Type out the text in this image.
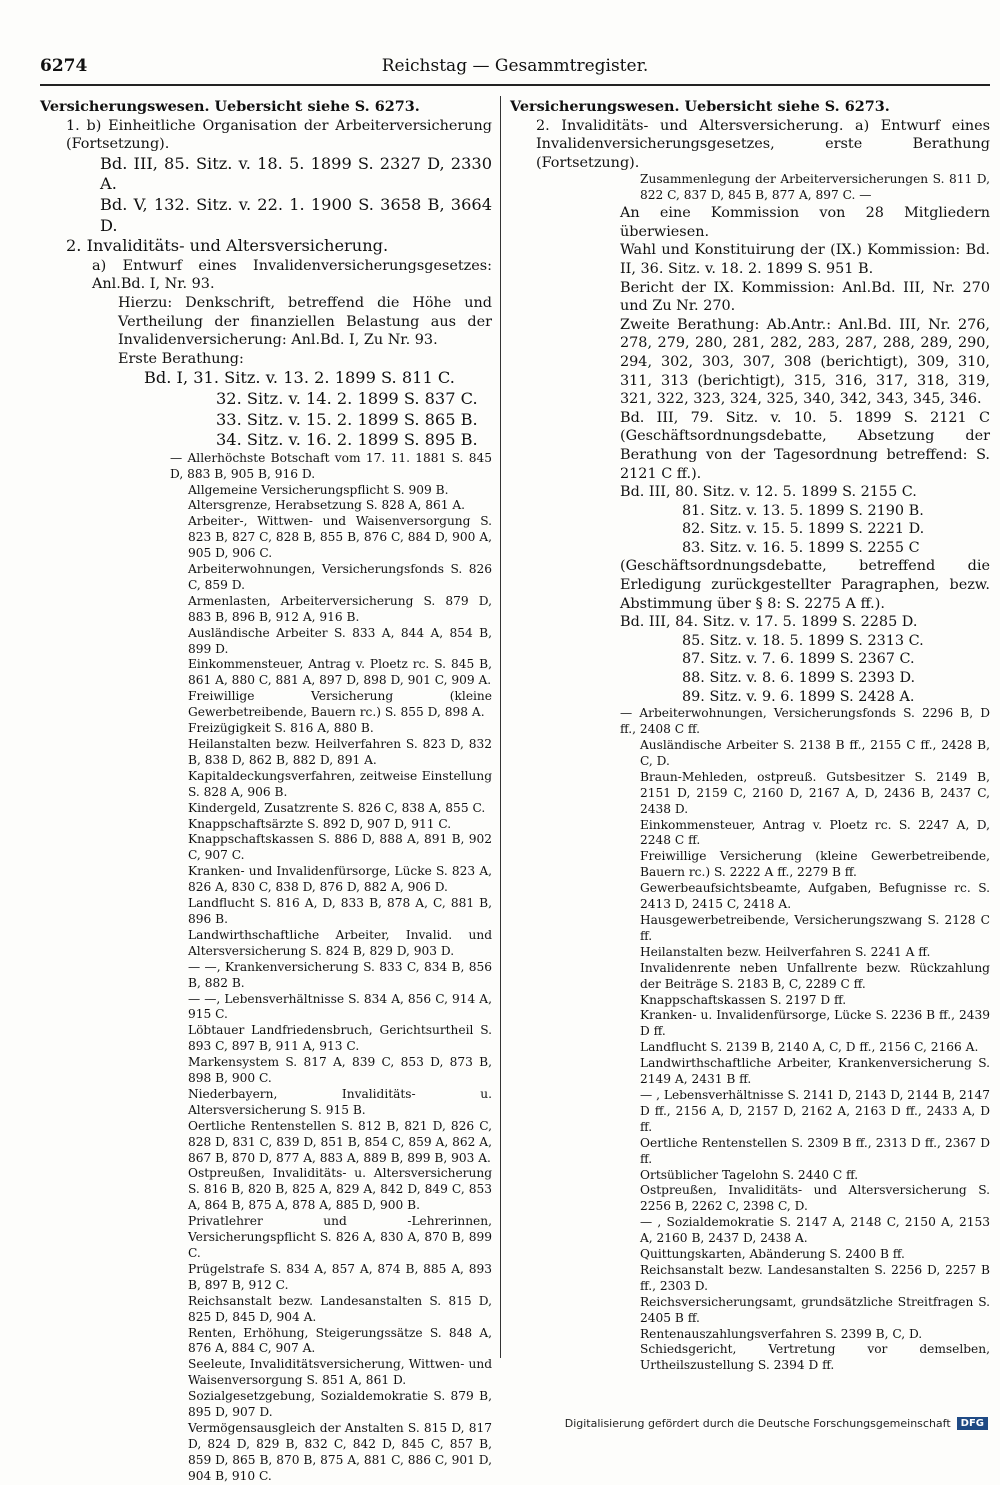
6274	Reichstag — Gesammtregister.

Versicherungswesen. Uebersicht siehe S. 6273.

1. b) Einheitliche Organisation der Arbeiterversicherung (Fortsetzung).

Bd. III, 85. Sitz. v. 18. 5. 1899 S. 2327 D, 2330 A.

Bd. V, 132. Sitz. v. 22. 1. 1900 S. 3658 B, 3664 D.

2. Invaliditäts- und Altersversicherung.

a) Entwurf eines Invalidenversicherungsgesetzes: Anl.Bd. I, Nr. 93.

Hierzu: Denkschrift, betreffend die Höhe und Vertheilung der finanziellen Belastung aus der Invalidenversicherung: Anl.Bd. I, Zu Nr. 93.

Erste Berathung:

Bd. I, 31. Sitz. v. 13. 2. 1899 S. 811 C.

32. Sitz. v. 14. 2. 1899 S. 837 C.

33. Sitz. v. 15. 2. 1899 S. 865 B.

34. Sitz. v. 16. 2. 1899 S. 895 B.

— Allerhöchste Botschaft vom 17. 11. 1881 S. 845 D, 883 B, 905 B, 916 D.

Allgemeine Versicherungspflicht S. 909 B.

Altersgrenze, Herabsetzung S. 828 A, 861 A.

Arbeiter-, Wittwen- und Waisenversorgung S. 823 B, 827 C, 828 B, 855 B, 876 C, 884 D, 900 A, 905 D, 906 C.

Arbeiterwohnungen, Versicherungsfonds S. 826 C, 859 D.

Armenlasten, Arbeiterversicherung S. 879 D, 883 B, 896 B, 912 A, 916 B.

Ausländische Arbeiter S. 833 A, 844 A, 854 B, 899 D.

Einkommensteuer, Antrag v. Ploetz rc. S. 845 B, 861 A, 880 C, 881 A, 897 D, 898 D, 901 C, 909 A.

Freiwillige Versicherung (kleine Gewerbetreibende, Bauern rc.) S. 855 D, 898 A.

Freizügigkeit S. 816 A, 880 B.

Heilanstalten bezw. Heilverfahren S. 823 D, 832 B, 838 D, 862 B, 882 D, 891 A.

Kapitaldeckungsverfahren, zeitweise Einstellung S. 828 A, 906 B.

Kindergeld, Zusatzrente S. 826 C, 838 A, 855 C.

Knappschaftsärzte S. 892 D, 907 D, 911 C.

Knappschaftskassen S. 886 D, 888 A, 891 B, 902 C, 907 C.

Kranken- und Invalidenfürsorge, Lücke S. 823 A, 826 A, 830 C, 838 D, 876 D, 882 A, 906 D.

Landflucht S. 816 A, D, 833 B, 878 A, C, 881 B, 896 B.

Landwirthschaftliche Arbeiter, Invalid. und Altersversicherung S. 824 B, 829 D, 903 D.

— —, Krankenversicherung S. 833 C, 834 B, 856 B, 882 B.

— —, Lebensverhältnisse S. 834 A, 856 C, 914 A, 915 C.

Löbtauer Landfriedensbruch, Gerichtsurtheil S. 893 C, 897 B, 911 A, 913 C.

Markensystem S. 817 A, 839 C, 853 D, 873 B, 898 B, 900 C.

Niederbayern, Invaliditäts- u. Altersversicherung S. 915 B.

Oertliche Rentenstellen S. 812 B, 821 D, 826 C, 828 D, 831 C, 839 D, 851 B, 854 C, 859 A, 862 A, 867 B, 870 D, 877 A, 883 A, 889 B, 899 B, 903 A.

Ostpreußen, Invaliditäts- u. Altersversicherung S. 816 B, 820 B, 825 A, 829 A, 842 D, 849 C, 853 A, 864 B, 875 A, 878 A, 885 D, 900 B.

Privatlehrer und -Lehrerinnen, Versicherungspflicht S. 826 A, 830 A, 870 B, 899 C.

Prügelstrafe S. 834 A, 857 A, 874 B, 885 A, 893 B, 897 B, 912 C.

Reichsanstalt bezw. Landesanstalten S. 815 D, 825 D, 845 D, 904 A.

Renten, Erhöhung, Steigerungssätze S. 848 A, 876 A, 884 C, 907 A.

Seeleute, Invaliditätsversicherung, Wittwen- und Waisenversorgung S. 851 A, 861 D.

Sozialgesetzgebung, Sozialdemokratie S. 879 B, 895 D, 907 D.

Vermögensausgleich der Anstalten S. 815 D, 817 D, 824 D, 829 B, 832 C, 842 D, 845 C, 857 B, 859 D, 865 B, 870 B, 875 A, 881 C, 886 C, 901 D, 904 B, 910 C.

Versicherungswesen. Uebersicht siehe S. 6273.

2. Invaliditäts- und Altersversicherung. a) Entwurf eines Invalidenversicherungsgesetzes, erste Berathung (Fortsetzung).

Zusammenlegung der Arbeiterversicherungen S. 811 D, 822 C, 837 D, 845 B, 877 A, 897 C. —

An eine Kommission von 28 Mitgliedern überwiesen.

Wahl und Konstituirung der (IX.) Kommission: Bd. II, 36. Sitz. v. 18. 2. 1899 S. 951 B.

Bericht der IX. Kommission: Anl.Bd. III, Nr. 270 und Zu Nr. 270.

Zweite Berathung: Ab.Antr.: Anl.Bd. III, Nr. 276, 278, 279, 280, 281, 282, 283, 287, 288, 289, 290, 294, 302, 303, 307, 308 (berichtigt), 309, 310, 311, 313 (berichtigt), 315, 316, 317, 318, 319, 321, 322, 323, 324, 325, 340, 342, 343, 345, 346.

Bd. III, 79. Sitz. v. 10. 5. 1899 S. 2121 C (Geschäftsordnungsdebatte, Absetzung der Berathung von der Tagesordnung betreffend: S. 2121 C ff.).

Bd. III, 80. Sitz. v. 12. 5. 1899 S. 2155 C.

81. Sitz. v. 13. 5. 1899 S. 2190 B.

82. Sitz. v. 15. 5. 1899 S. 2221 D.

83. Sitz. v. 16. 5. 1899 S. 2255 C

(Geschäftsordnungsdebatte, betreffend die Erledigung zurückgestellter Paragraphen, bezw. Abstimmung über § 8: S. 2275 A ff.).

Bd. III, 84. Sitz. v. 17. 5. 1899 S. 2285 D.

85. Sitz. v. 18. 5. 1899 S. 2313 C.

87. Sitz. v. 7. 6. 1899 S. 2367 C.

88. Sitz. v. 8. 6. 1899 S. 2393 D.

89. Sitz. v. 9. 6. 1899 S. 2428 A.

— Arbeiterwohnungen, Versicherungsfonds S. 2296 B, D ff., 2408 C ff.

Ausländische Arbeiter S. 2138 B ff., 2155 C ff., 2428 B, C, D.

Braun-Mehleden, ostpreuß. Gutsbesitzer S. 2149 B, 2151 D, 2159 C, 2160 D, 2167 A, D, 2436 B, 2437 C, 2438 D.

Einkommensteuer, Antrag v. Ploetz rc. S. 2247 A, D, 2248 C ff.

Freiwillige Versicherung (kleine Gewerbetreibende, Bauern rc.) S. 2222 A ff., 2279 B ff.

Gewerbeaufsichtsbeamte, Aufgaben, Befugnisse rc. S. 2413 D, 2415 C, 2418 A.

Hausgewerbetreibende, Versicherungszwang S. 2128 C ff.

Heilanstalten bezw. Heilverfahren S. 2241 A ff.

Invalidenrente neben Unfallrente bezw. Rückzahlung der Beiträge S. 2183 B, C, 2289 C ff.

Knappschaftskassen S. 2197 D ff.

Kranken- u. Invalidenfürsorge, Lücke S. 2236 B ff., 2439 D ff.

Landflucht S. 2139 B, 2140 A, C, D ff., 2156 C, 2166 A.

Landwirthschaftliche Arbeiter, Krankenversicherung S. 2149 A, 2431 B ff.

— , Lebensverhältnisse S. 2141 D, 2143 D, 2144 B, 2147 D ff., 2156 A, D, 2157 D, 2162 A, 2163 D ff., 2433 A, D ff.

Oertliche Rentenstellen S. 2309 B ff., 2313 D ff., 2367 D ff.

Ortsüblicher Tagelohn S. 2440 C ff.

Ostpreußen, Invaliditäts- und Altersversicherung S. 2256 B, 2262 C, 2398 C, D.

— , Sozialdemokratie S. 2147 A, 2148 C, 2150 A, 2153 A, 2160 B, 2437 D, 2438 A.

Quittungskarten, Abänderung S. 2400 B ff.

Reichsanstalt bezw. Landesanstalten S. 2256 D, 2257 B ff., 2303 D.

Reichsversicherungsamt, grundsätzliche Streitfragen S. 2405 B ff.

Rentenauszahlungsverfahren S. 2399 B, C, D.

Schiedsgericht, Vertretung vor demselben, Urtheilszustellung S. 2394 D ff.

Digitalisierung gefördert durch die Deutsche Forschungsgemeinschaft	DFG
